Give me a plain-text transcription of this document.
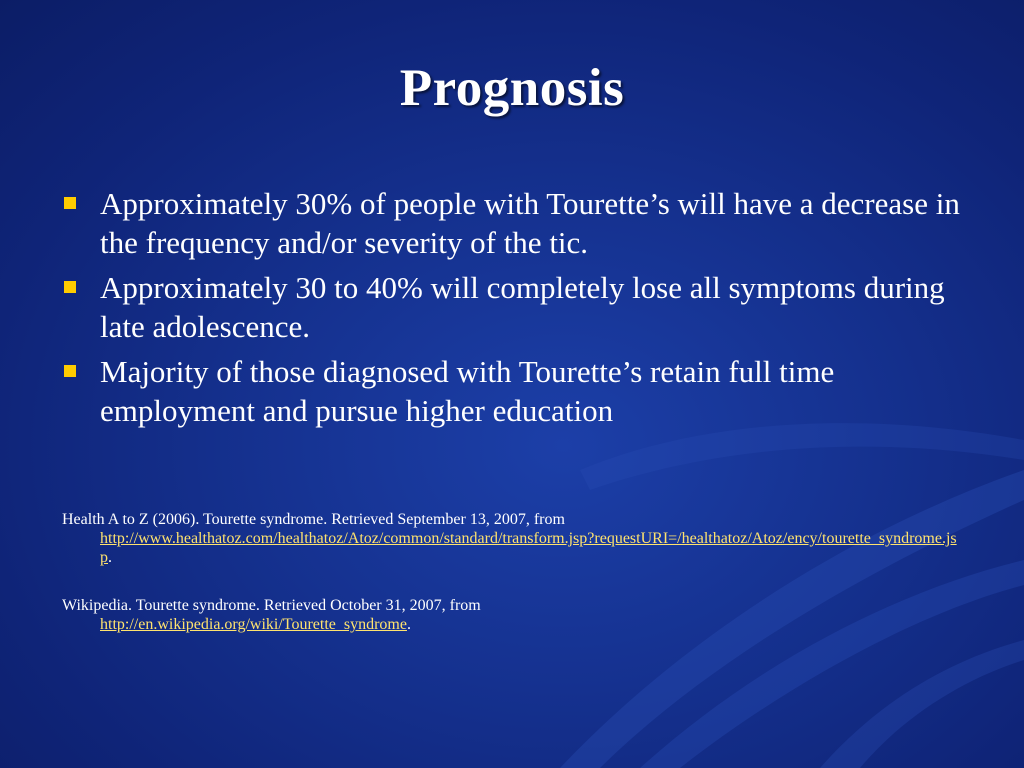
Prognosis
Approximately 30% of people with Tourette’s will have a decrease in the frequency and/or severity of the tic.
Approximately 30 to 40% will completely lose all symptoms during late adolescence.
Majority of those diagnosed with Tourette’s retain full time employment and pursue higher education
Health A to Z (2006). Tourette syndrome. Retrieved September 13, 2007, from
http://www.healthatoz.com/healthatoz/Atoz/common/standard/transform.jsp?requestURI=/healthatoz/Atoz/ency/tourette_syndrome.jsp.
Wikipedia. Tourette syndrome. Retrieved October 31, 2007, from
http://en.wikipedia.org/wiki/Tourette_syndrome.
